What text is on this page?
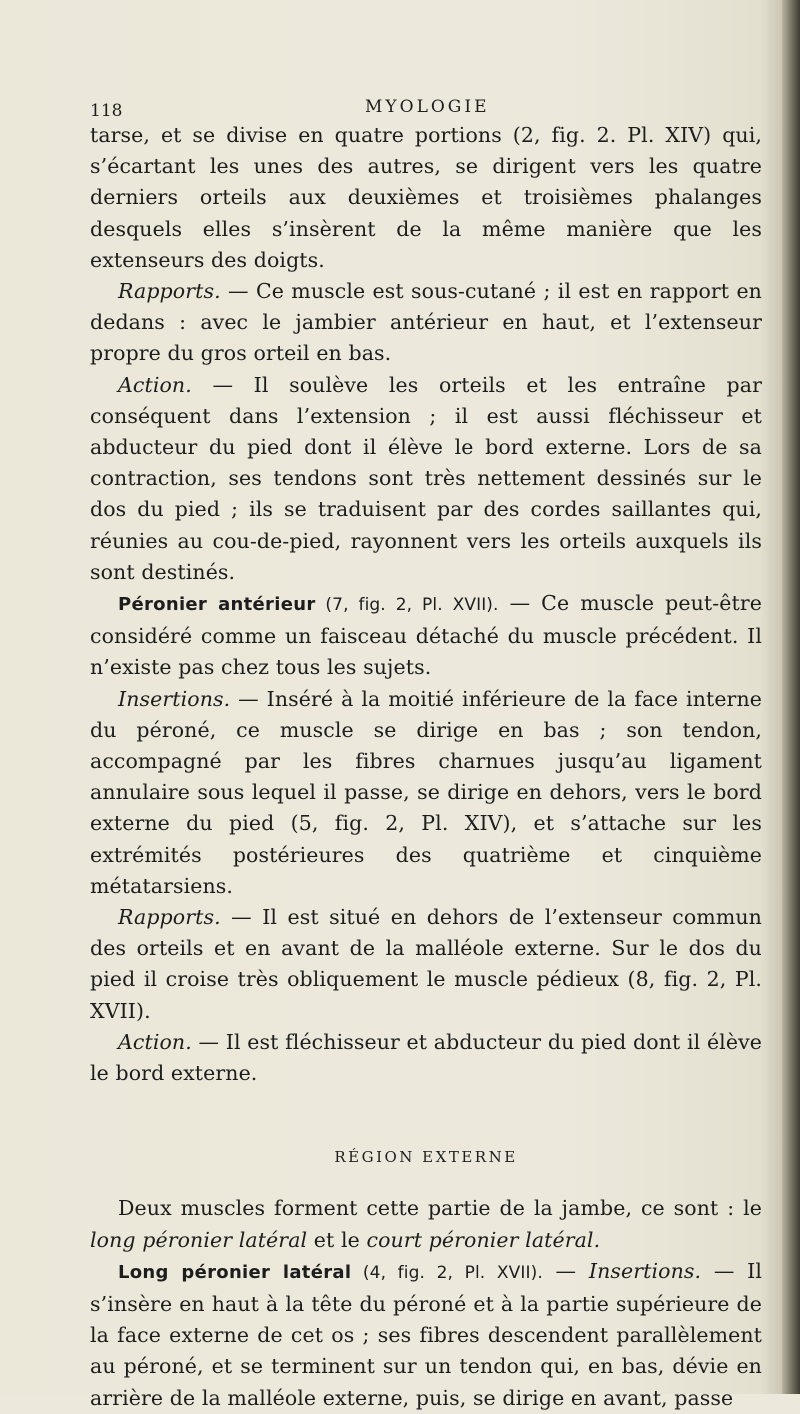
118	MYOLOGIE

tarse, et se divise en quatre portions (2, fig. 2. Pl. XIV) qui, s’écartant les unes des autres, se dirigent vers les quatre derniers orteils aux deuxièmes et troisièmes phalanges desquels elles s’insèrent de la même manière que les extenseurs des doigts.

Rapports. — Ce muscle est sous-cutané ; il est en rapport en dedans : avec le jambier antérieur en haut, et l’extenseur propre du gros orteil en bas.

Action. — Il soulève les orteils et les entraîne par conséquent dans l’extension ; il est aussi fléchisseur et abducteur du pied dont il élève le bord externe. Lors de sa contraction, ses tendons sont très nettement dessinés sur le dos du pied ; ils se traduisent par des cordes saillantes qui, réunies au cou-de-pied, rayonnent vers les orteils auxquels ils sont destinés.

Péronier antérieur (7, fig. 2, Pl. XVII). — Ce muscle peut-être considéré comme un faisceau détaché du muscle précédent. Il n’existe pas chez tous les sujets.

Insertions. — Inséré à la moitié inférieure de la face interne du péroné, ce muscle se dirige en bas ; son tendon, accompagné par les fibres charnues jusqu’au ligament annulaire sous lequel il passe, se dirige en dehors, vers le bord externe du pied (5, fig. 2, Pl. XIV), et s’attache sur les extrémités postérieures des quatrième et cinquième métatarsiens.

Rapports. — Il est situé en dehors de l’extenseur commun des orteils et en avant de la malléole externe. Sur le dos du pied il croise très obliquement le muscle pédieux (8, fig. 2, Pl. XVII).

Action. — Il est fléchisseur et abducteur du pied dont il élève le bord externe.

RÉGION EXTERNE

Deux muscles forment cette partie de la jambe, ce sont : le long péronier latéral et le court péronier latéral.

Long péronier latéral (4, fig. 2, Pl. XVII). — Insertions. — Il s’insère en haut à la tête du péroné et à la partie supérieure de la face externe de cet os ; ses fibres descendent parallèlement au péroné, et se terminent sur un tendon qui, en bas, dévie en arrière de la malléole externe, puis, se dirige en avant, passe
